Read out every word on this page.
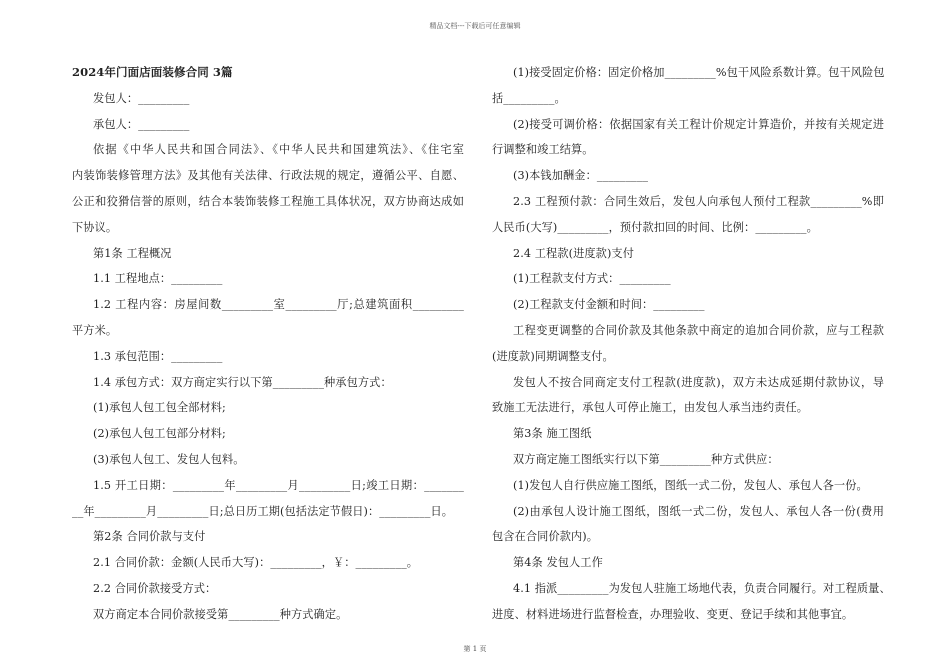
精品文档---下载后可任意编辑
2024年门面店面装修合同 3篇
发包人：_________
承包人：_________
依据《中华人民共和国合同法》、《中华人民共和国建筑法》、《住宅室
内装饰装修管理方法》及其他有关法律、行政法规的规定，遵循公平、自愿、
公正和狡猾信誉的原则，结合本装饰装修工程施工具体状况，双方协商达成如
下协议。
第1条 工程概况
1.1 工程地点：_________
1.2 工程内容：房屋间数_________室_________厅;总建筑面积_________
平方米。
1.3 承包范围：_________
1.4 承包方式：双方商定实行以下第_________种承包方式：
(1)承包人包工包全部材料;
(2)承包人包工包部分材料;
(3)承包人包工、发包人包料。
1.5 开工日期：_________年_________月_________日;竣工日期：_______
__年_________月_________日;总日历工期(包括法定节假日)：_________日。
第2条 合同价款与支付
2.1 合同价款：金额(人民币大写)：_________，￥：_________。
2.2 合同价款接受方式：
双方商定本合同价款接受第_________种方式确定。
(1)接受固定价格：固定价格加_________%包干风险系数计算。包干风险包
括_________。
(2)接受可调价格：依据国家有关工程计价规定计算造价，并按有关规定进
行调整和竣工结算。
(3)本钱加酬金：_________
2.3 工程预付款：合同生效后，发包人向承包人预付工程款_________%即
人民币(大写)_________，预付款扣回的时间、比例：_________。
2.4 工程款(进度款)支付
(1)工程款支付方式：_________
(2)工程款支付金额和时间：_________
工程变更调整的合同价款及其他条款中商定的追加合同价款，应与工程款
(进度款)同期调整支付。
发包人不按合同商定支付工程款(进度款)，双方未达成延期付款协议，导
致施工无法进行，承包人可停止施工，由发包人承当违约责任。
第3条 施工图纸
双方商定施工图纸实行以下第_________种方式供应：
(1)发包人自行供应施工图纸，图纸一式二份，发包人、承包人各一份。
(2)由承包人设计施工图纸，图纸一式二份，发包人、承包人各一份(费用
包含在合同价款内)。
第4条 发包人工作
4.1 指派_________为发包人驻施工场地代表，负责合同履行。对工程质量、
进度、材料进场进行监督检查，办理验收、变更、登记手续和其他事宜。
第 1 页
